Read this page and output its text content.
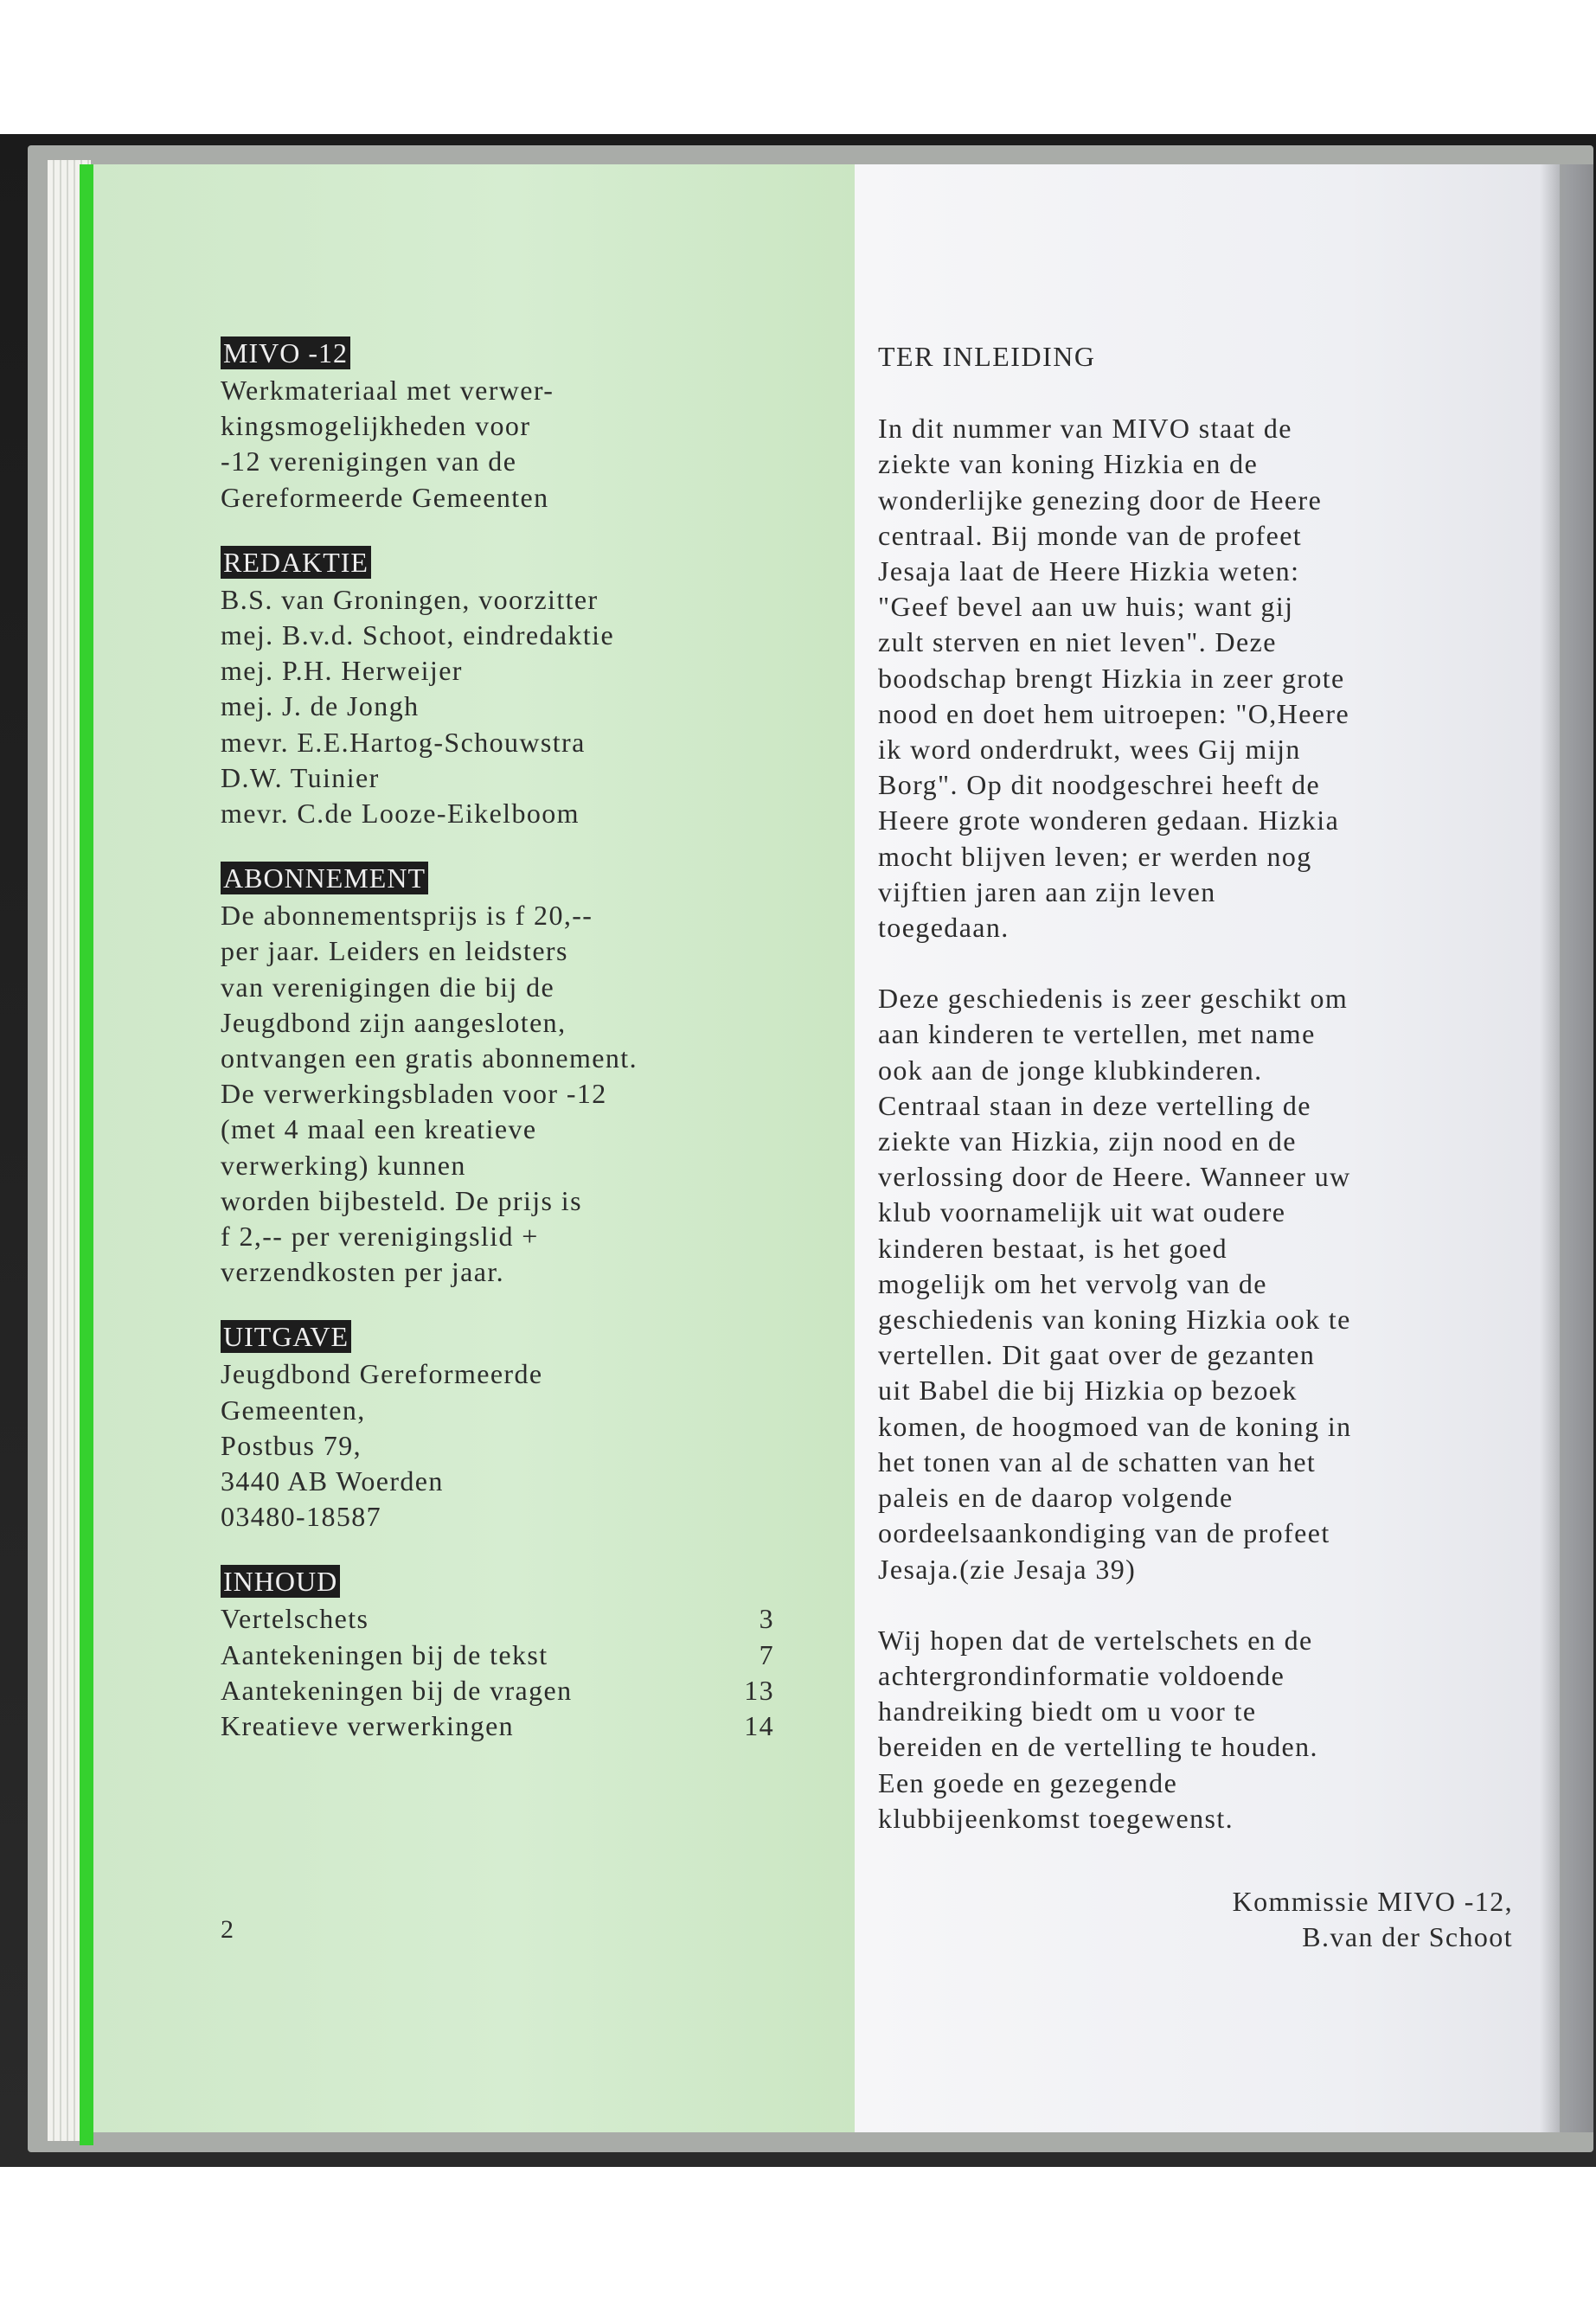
MIVO -12

Werkmateriaal met verwer-

kingsmogelijkheden voor

-12 verenigingen van de

Gereformeerde Gemeenten

REDAKTIE

B.S. van Groningen, voorzitter

mej. B.v.d. Schoot, eindredaktie

mej. P.H. Herweijer

mej. J. de Jongh

mevr. E.E.Hartog-Schouwstra

D.W. Tuinier

mevr. C.de Looze-Eikelboom

ABONNEMENT

De abonnementsprijs is f 20,--

per jaar. Leiders en leidsters

van verenigingen die bij de

Jeugdbond zijn aangesloten,

ontvangen een gratis abonnement.

De verwerkingsbladen voor -12

(met 4 maal een kreatieve

verwerking) kunnen

worden bijbesteld. De prijs is

f 2,-- per verenigingslid +

verzendkosten per jaar.

UITGAVE

Jeugdbond Gereformeerde

Gemeenten,

Postbus 79,

3440 AB Woerden

03480-18587

INHOUD
Vertelschets	3
Aantekeningen bij de tekst	7
Aantekeningen bij de vragen	13
Kreatieve verwerkingen	14
2

TER INLEIDING

In dit nummer van MIVO staat de

ziekte van koning Hizkia en de

wonderlijke genezing door de Heere

centraal. Bij monde van de profeet

Jesaja laat de Heere Hizkia weten:

"Geef bevel aan uw huis; want gij

zult sterven en niet leven". Deze

boodschap brengt Hizkia in zeer grote

nood en doet hem uitroepen: "O,Heere

ik word onderdrukt, wees Gij mijn

Borg". Op dit noodgeschrei heeft de

Heere grote wonderen gedaan. Hizkia

mocht blijven leven; er werden nog

vijftien jaren aan zijn leven

toegedaan.

Deze geschiedenis is zeer geschikt om

aan kinderen te vertellen, met name

ook aan de jonge klubkinderen.

Centraal staan in deze vertelling de

ziekte van Hizkia, zijn nood en de

verlossing door de Heere. Wanneer uw

klub voornamelijk uit wat oudere

kinderen bestaat, is het goed

mogelijk om het vervolg van de

geschiedenis van koning Hizkia ook te

vertellen. Dit gaat over de gezanten

uit Babel die bij Hizkia op bezoek

komen, de hoogmoed van de koning in

het tonen van al de schatten van het

paleis en de daarop volgende

oordeelsaankondiging van de profeet

Jesaja.(zie Jesaja 39)

Wij hopen dat de vertelschets en de

achtergrondinformatie voldoende

handreiking biedt om u voor te

bereiden en de vertelling te houden.

Een goede en gezegende

klubbijeenkomst toegewenst.

Kommissie MIVO -12,
B.van der Schoot
